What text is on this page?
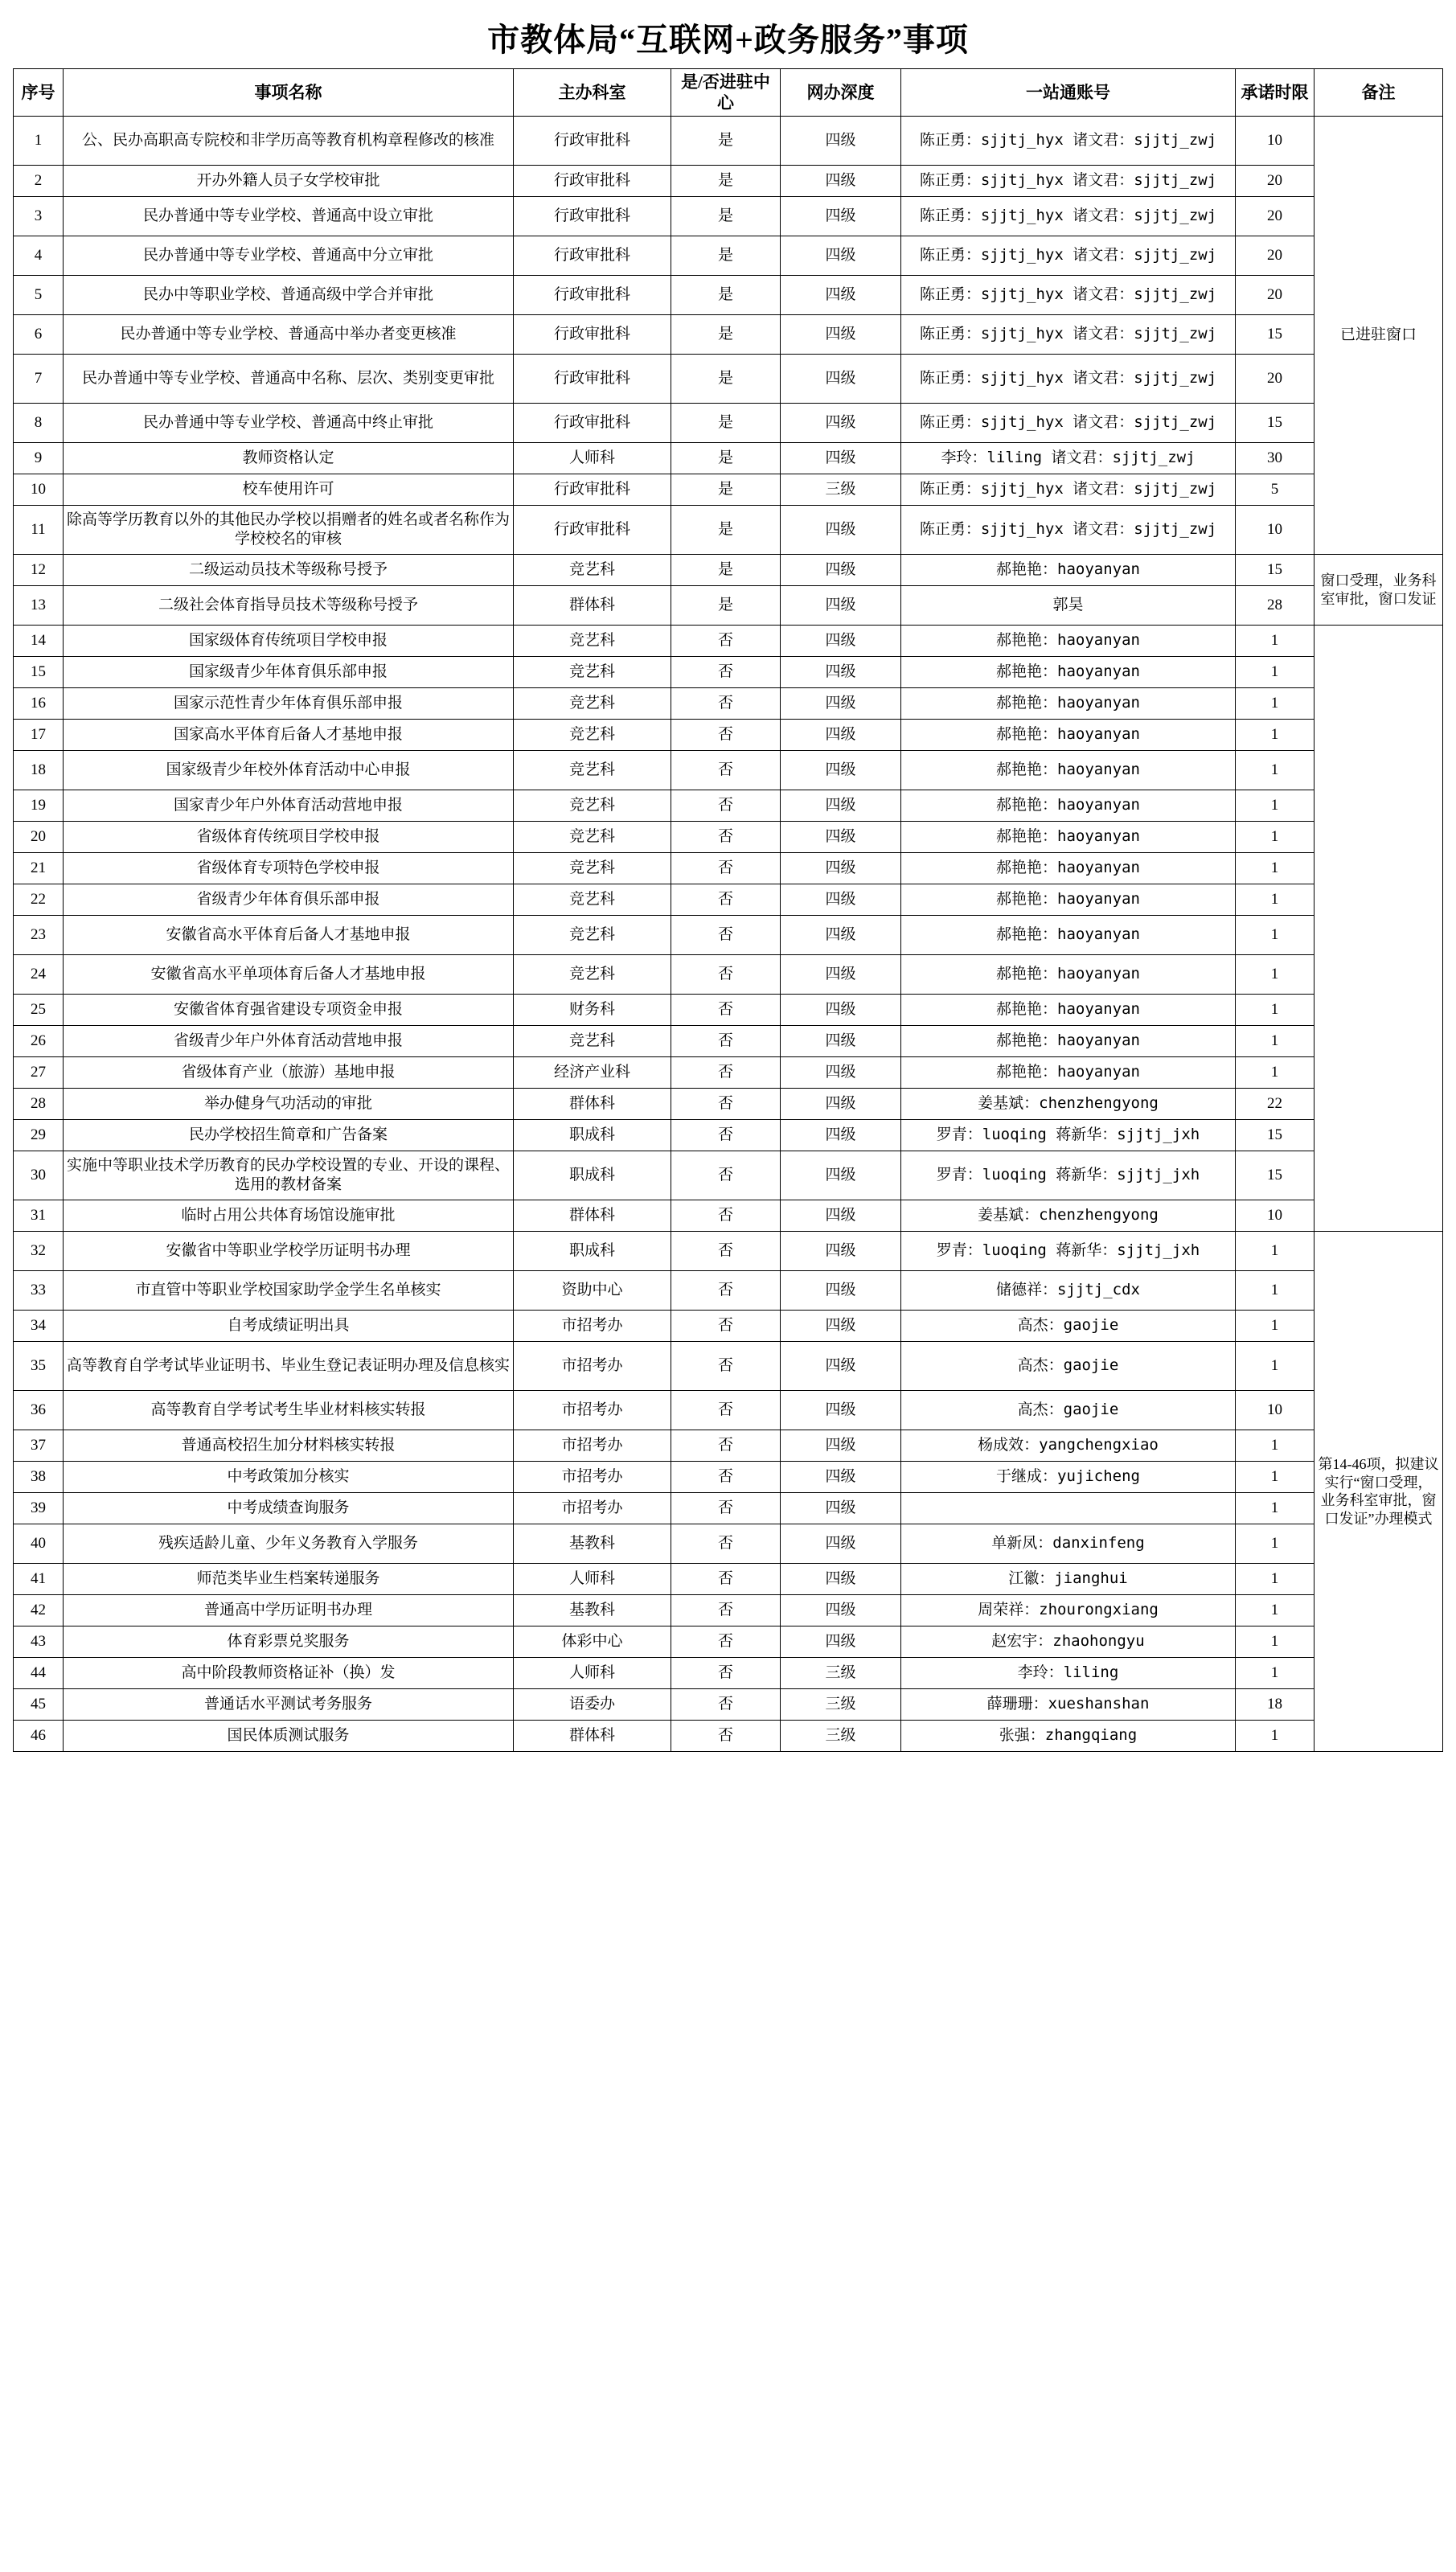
市教体局“互联网+政务服务”事项
序号	事项名称	主办科室	是/否进驻中心	网办深度	一站通账号	承诺时限	备注
1	公、民办高职高专院校和非学历高等教育机构章程修改的核准	行政审批科	是	四级	陈正勇：sjjtj_hyx 诸文君：sjjtj_zwj	10	已进驻窗口
2	开办外籍人员子女学校审批	行政审批科	是	四级	陈正勇：sjjtj_hyx 诸文君：sjjtj_zwj	20	
3	民办普通中等专业学校、普通高中设立审批	行政审批科	是	四级	陈正勇：sjjtj_hyx 诸文君：sjjtj_zwj	20	
4	民办普通中等专业学校、普通高中分立审批	行政审批科	是	四级	陈正勇：sjjtj_hyx 诸文君：sjjtj_zwj	20	
5	民办中等职业学校、普通高级中学合并审批	行政审批科	是	四级	陈正勇：sjjtj_hyx 诸文君：sjjtj_zwj	20	
6	民办普通中等专业学校、普通高中举办者变更核准	行政审批科	是	四级	陈正勇：sjjtj_hyx 诸文君：sjjtj_zwj	15	
7	民办普通中等专业学校、普通高中名称、层次、类别变更审批	行政审批科	是	四级	陈正勇：sjjtj_hyx 诸文君：sjjtj_zwj	20	
8	民办普通中等专业学校、普通高中终止审批	行政审批科	是	四级	陈正勇：sjjtj_hyx 诸文君：sjjtj_zwj	15	
9	教师资格认定	人师科	是	四级	李玲：liling 诸文君：sjjtj_zwj	30	
10	校车使用许可	行政审批科	是	三级	陈正勇：sjjtj_hyx 诸文君：sjjtj_zwj	5	
11	除高等学历教育以外的其他民办学校以捐赠者的姓名或者名称作为学校校名的审核	行政审批科	是	四级	陈正勇：sjjtj_hyx 诸文君：sjjtj_zwj	10	
12	二级运动员技术等级称号授予	竞艺科	是	四级	郝艳艳：haoyanyan	15	窗口受理，业务科室审批，窗口发证
13	二级社会体育指导员技术等级称号授予	群体科	是	四级	郭昊	28	
14	国家级体育传统项目学校申报	竞艺科	否	四级	郝艳艳：haoyanyan	1	
15	国家级青少年体育俱乐部申报	竞艺科	否	四级	郝艳艳：haoyanyan	1	
16	国家示范性青少年体育俱乐部申报	竞艺科	否	四级	郝艳艳：haoyanyan	1	
17	国家高水平体育后备人才基地申报	竞艺科	否	四级	郝艳艳：haoyanyan	1	
18	国家级青少年校外体育活动中心申报	竞艺科	否	四级	郝艳艳：haoyanyan	1	
19	国家青少年户外体育活动营地申报	竞艺科	否	四级	郝艳艳：haoyanyan	1	
20	省级体育传统项目学校申报	竞艺科	否	四级	郝艳艳：haoyanyan	1	
21	省级体育专项特色学校申报	竞艺科	否	四级	郝艳艳：haoyanyan	1	
22	省级青少年体育俱乐部申报	竞艺科	否	四级	郝艳艳：haoyanyan	1	
23	安徽省高水平体育后备人才基地申报	竞艺科	否	四级	郝艳艳：haoyanyan	1	
24	安徽省高水平单项体育后备人才基地申报	竞艺科	否	四级	郝艳艳：haoyanyan	1	
25	安徽省体育强省建设专项资金申报	财务科	否	四级	郝艳艳：haoyanyan	1	
26	省级青少年户外体育活动营地申报	竞艺科	否	四级	郝艳艳：haoyanyan	1	
27	省级体育产业（旅游）基地申报	经济产业科	否	四级	郝艳艳：haoyanyan	1	
28	举办健身气功活动的审批	群体科	否	四级	姜基斌：chenzhengyong	22	
29	民办学校招生简章和广告备案	职成科	否	四级	罗青：luoqing 蒋新华：sjjtj_jxh	15	
30	实施中等职业技术学历教育的民办学校设置的专业、开设的课程、选用的教材备案	职成科	否	四级	罗青：luoqing 蒋新华：sjjtj_jxh	15	
31	临时占用公共体育场馆设施审批	群体科	否	四级	姜基斌：chenzhengyong	10	
32	安徽省中等职业学校学历证明书办理	职成科	否	四级	罗青：luoqing 蒋新华：sjjtj_jxh	1	第14-46项，拟建议实行“窗口受理，业务科室审批，窗口发证”办理模式
33	市直管中等职业学校国家助学金学生名单核实	资助中心	否	四级	储德祥：sjjtj_cdx	1	
34	自考成绩证明出具	市招考办	否	四级	高杰：gaojie	1	
35	高等教育自学考试毕业证明书、毕业生登记表证明办理及信息核实	市招考办	否	四级	高杰：gaojie	1	
36	高等教育自学考试考生毕业材料核实转报	市招考办	否	四级	高杰：gaojie	10	
37	普通高校招生加分材料核实转报	市招考办	否	四级	杨成效：yangchengxiao	1	
38	中考政策加分核实	市招考办	否	四级	于继成：yujicheng	1	
39	中考成绩查询服务	市招考办	否	四级		1	
40	残疾适龄儿童、少年义务教育入学服务	基教科	否	四级	单新凤：danxinfeng	1	
41	师范类毕业生档案转递服务	人师科	否	四级	江徽：jianghui	1	
42	普通高中学历证明书办理	基教科	否	四级	周荣祥：zhourongxiang	1	
43	体育彩票兑奖服务	体彩中心	否	四级	赵宏宇：zhaohongyu	1	
44	高中阶段教师资格证补（换）发	人师科	否	三级	李玲：liling	1	
45	普通话水平测试考务服务	语委办	否	三级	薛珊珊：xueshanshan	18	
46	国民体质测试服务	群体科	否	三级	张强：zhangqiang	1	
